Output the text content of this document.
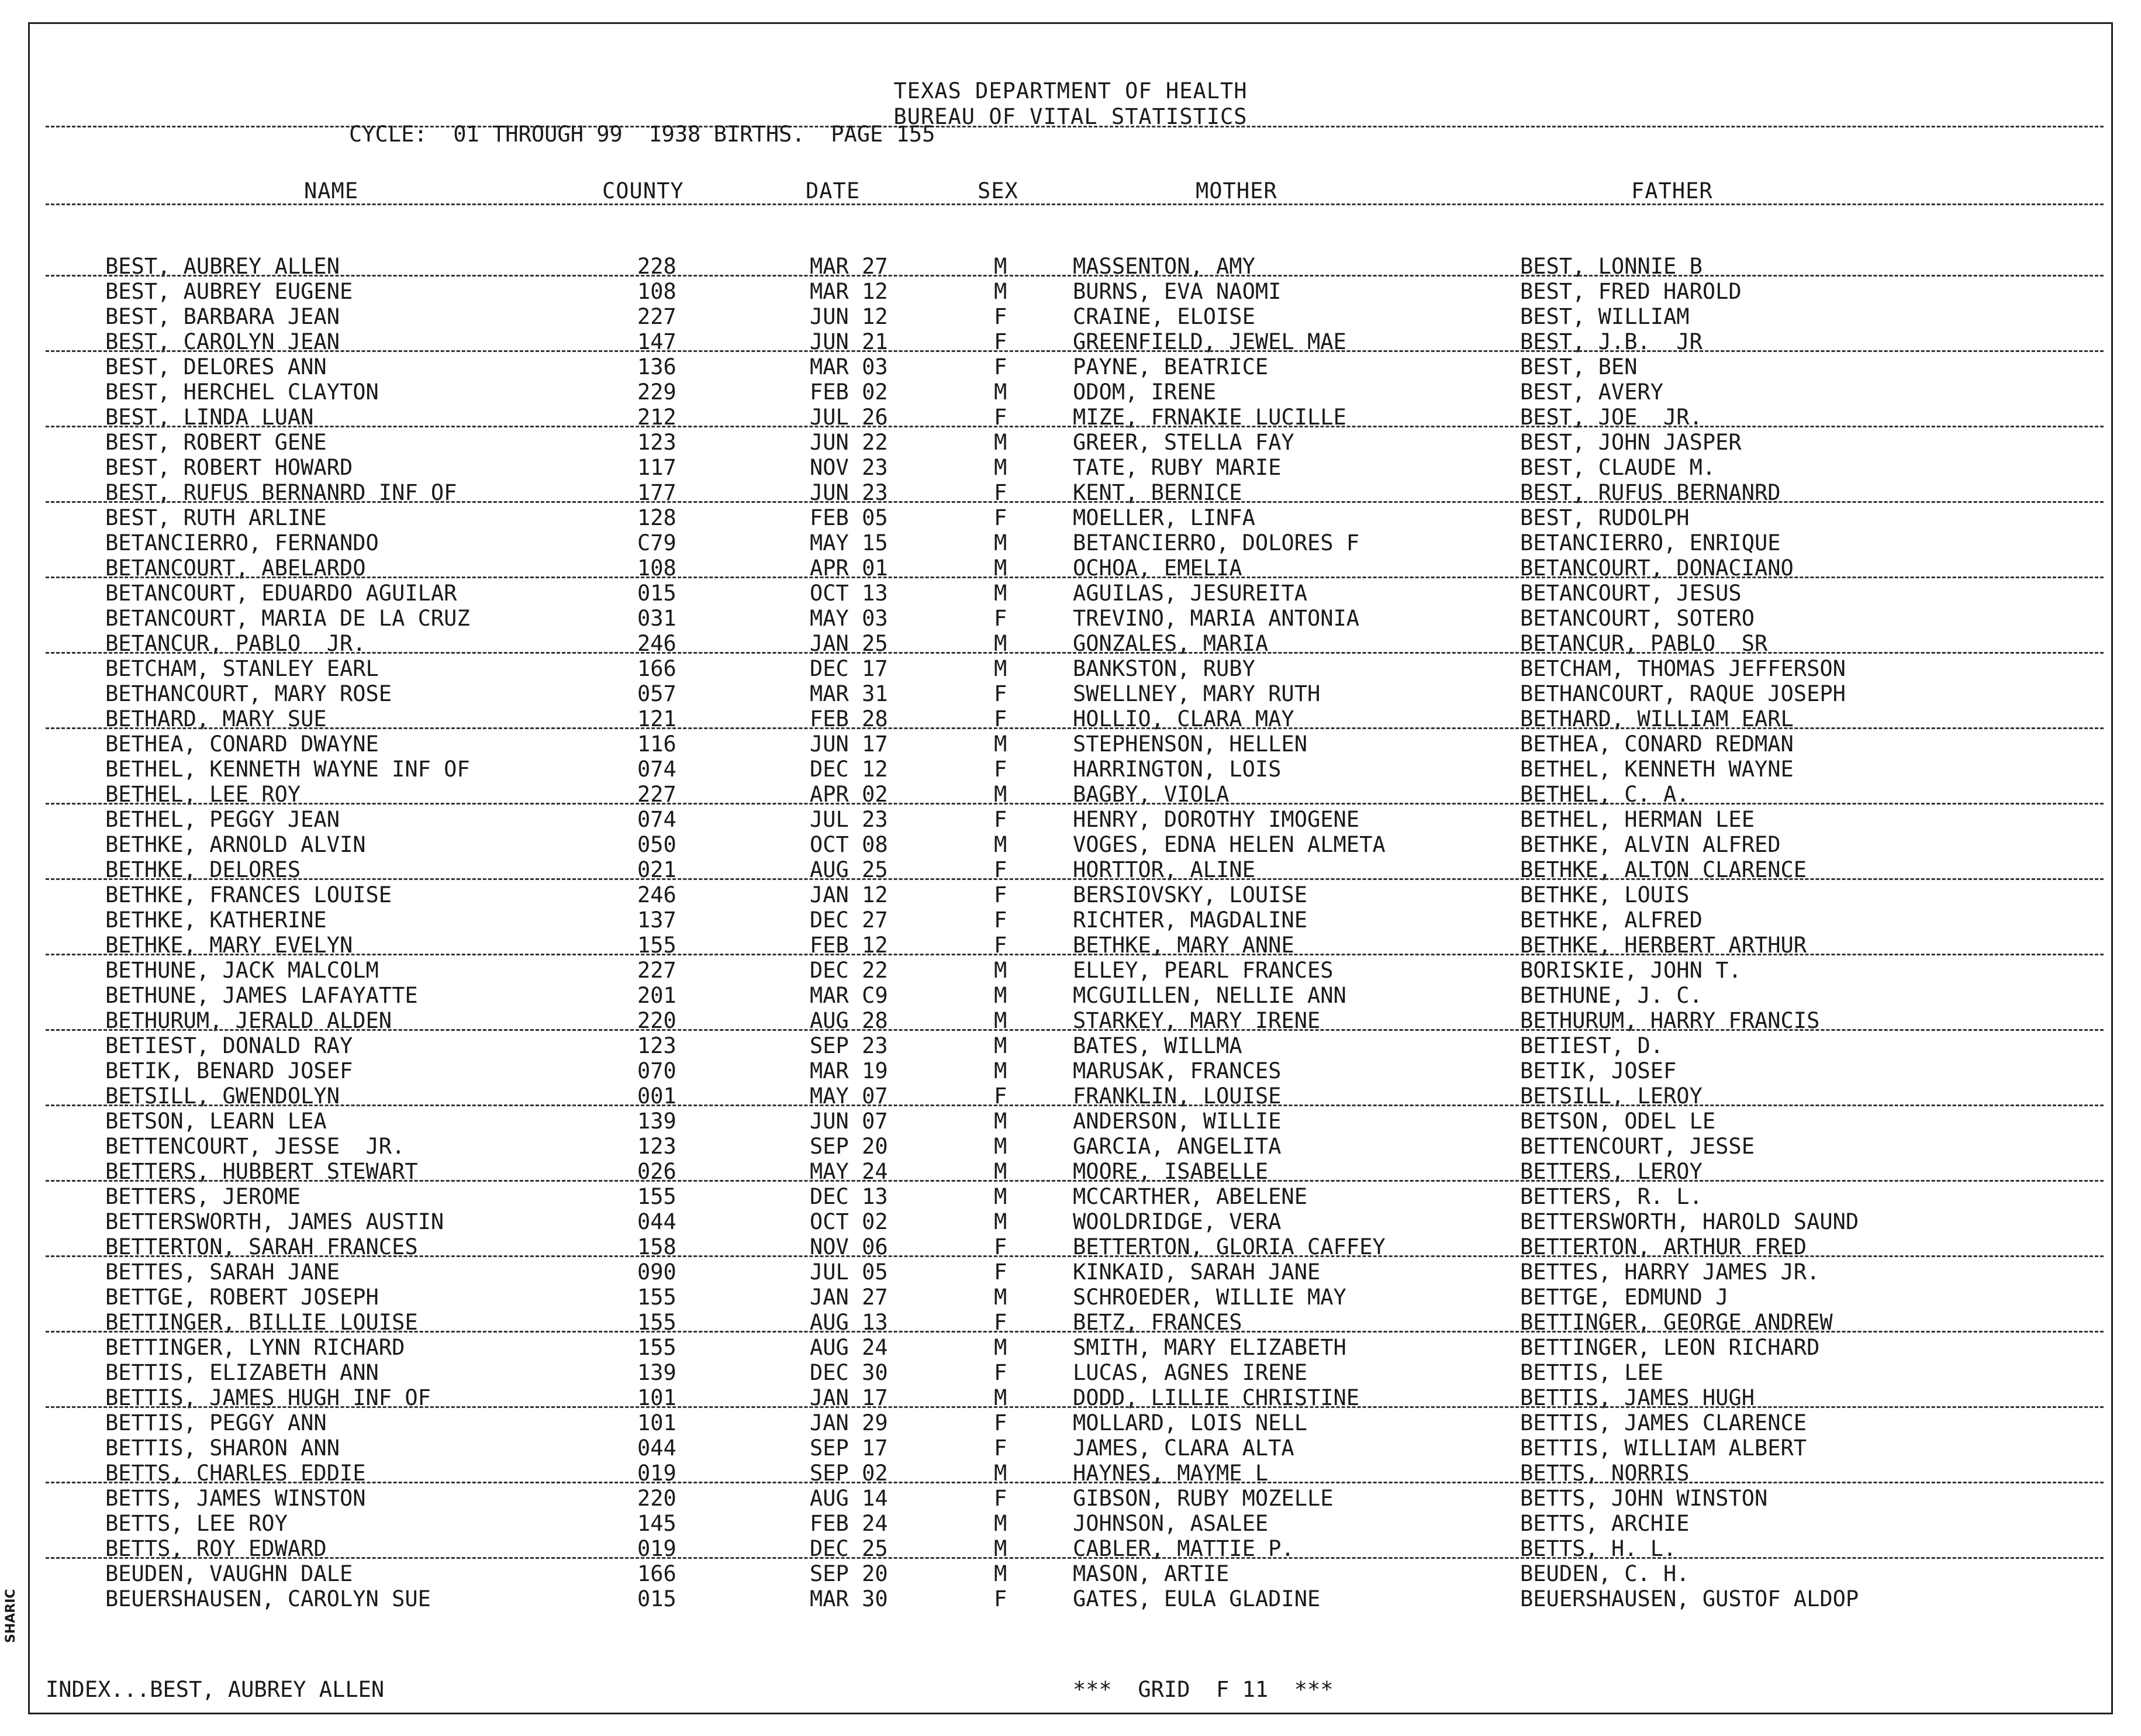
TEXAS DEPARTMENT OF HEALTH
BUREAU OF VITAL STATISTICS
CYCLE:  01 THROUGH 99  1938 BIRTHS.  PAGE 155
NAME	COUNTY	DATE	SEX	MOTHER	FATHER
BEST, AUBREY ALLEN	228	MAR 27	M	MASSENTON, AMY	BEST, LONNIE B
BEST, AUBREY EUGENE	108	MAR 12	M	BURNS, EVA NAOMI	BEST, FRED HAROLD
BEST, BARBARA JEAN	227	JUN 12	F	CRAINE, ELOISE	BEST, WILLIAM
BEST, CAROLYN JEAN	147	JUN 21	F	GREENFIELD, JEWEL MAE	BEST, J.B.  JR
BEST, DELORES ANN	136	MAR 03	F	PAYNE, BEATRICE	BEST, BEN
BEST, HERCHEL CLAYTON	229	FEB 02	M	ODOM, IRENE	BEST, AVERY
BEST, LINDA LUAN	212	JUL 26	F	MIZE, FRNAKIE LUCILLE	BEST, JOE  JR.
BEST, ROBERT GENE	123	JUN 22	M	GREER, STELLA FAY	BEST, JOHN JASPER
BEST, ROBERT HOWARD	117	NOV 23	M	TATE, RUBY MARIE	BEST, CLAUDE M.
BEST, RUFUS BERNANRD INF OF	177	JUN 23	F	KENT, BERNICE	BEST, RUFUS BERNANRD
BEST, RUTH ARLINE	128	FEB 05	F	MOELLER, LINFA	BEST, RUDOLPH
BETANCIERRO, FERNANDO	C79	MAY 15	M	BETANCIERRO, DOLORES F	BETANCIERRO, ENRIQUE
BETANCOURT, ABELARDO	108	APR 01	M	OCHOA, EMELIA	BETANCOURT, DONACIANO
BETANCOURT, EDUARDO AGUILAR	015	OCT 13	M	AGUILAS, JESUREITA	BETANCOURT, JESUS
BETANCOURT, MARIA DE LA CRUZ	031	MAY 03	F	TREVINO, MARIA ANTONIA	BETANCOURT, SOTERO
BETANCUR, PABLO  JR.	246	JAN 25	M	GONZALES, MARIA	BETANCUR, PABLO  SR
BETCHAM, STANLEY EARL	166	DEC 17	M	BANKSTON, RUBY	BETCHAM, THOMAS JEFFERSON
BETHANCOURT, MARY ROSE	057	MAR 31	F	SWELLNEY, MARY RUTH	BETHANCOURT, RAQUE JOSEPH
BETHARD, MARY SUE	121	FEB 28	F	HOLLIO, CLARA MAY	BETHARD, WILLIAM EARL
BETHEA, CONARD DWAYNE	116	JUN 17	M	STEPHENSON, HELLEN	BETHEA, CONARD REDMAN
BETHEL, KENNETH WAYNE INF OF	074	DEC 12	F	HARRINGTON, LOIS	BETHEL, KENNETH WAYNE
BETHEL, LEE ROY	227	APR 02	M	BAGBY, VIOLA	BETHEL, C. A.
BETHEL, PEGGY JEAN	074	JUL 23	F	HENRY, DOROTHY IMOGENE	BETHEL, HERMAN LEE
BETHKE, ARNOLD ALVIN	050	OCT 08	M	VOGES, EDNA HELEN ALMETA	BETHKE, ALVIN ALFRED
BETHKE, DELORES	021	AUG 25	F	HORTTOR, ALINE	BETHKE, ALTON CLARENCE
BETHKE, FRANCES LOUISE	246	JAN 12	F	BERSIOVSKY, LOUISE	BETHKE, LOUIS
BETHKE, KATHERINE	137	DEC 27	F	RICHTER, MAGDALINE	BETHKE, ALFRED
BETHKE, MARY EVELYN	155	FEB 12	F	BETHKE, MARY ANNE	BETHKE, HERBERT ARTHUR
BETHUNE, JACK MALCOLM	227	DEC 22	M	ELLEY, PEARL FRANCES	BORISKIE, JOHN T.
BETHUNE, JAMES LAFAYATTE	201	MAR C9	M	MCGUILLEN, NELLIE ANN	BETHUNE, J. C.
BETHURUM, JERALD ALDEN	220	AUG 28	M	STARKEY, MARY IRENE	BETHURUM, HARRY FRANCIS
BETIEST, DONALD RAY	123	SEP 23	M	BATES, WILLMA	BETIEST, D.
BETIK, BENARD JOSEF	070	MAR 19	M	MARUSAK, FRANCES	BETIK, JOSEF
BETSILL, GWENDOLYN	001	MAY 07	F	FRANKLIN, LOUISE	BETSILL, LEROY
BETSON, LEARN LEA	139	JUN 07	M	ANDERSON, WILLIE	BETSON, ODEL LE
BETTENCOURT, JESSE  JR.	123	SEP 20	M	GARCIA, ANGELITA	BETTENCOURT, JESSE
BETTERS, HUBBERT STEWART	026	MAY 24	M	MOORE, ISABELLE	BETTERS, LEROY
BETTERS, JEROME	155	DEC 13	M	MCCARTHER, ABELENE	BETTERS, R. L.
BETTERSWORTH, JAMES AUSTIN	044	OCT 02	M	WOOLDRIDGE, VERA	BETTERSWORTH, HAROLD SAUND
BETTERTON, SARAH FRANCES	158	NOV 06	F	BETTERTON, GLORIA CAFFEY	BETTERTON, ARTHUR FRED
BETTES, SARAH JANE	090	JUL 05	F	KINKAID, SARAH JANE	BETTES, HARRY JAMES JR.
BETTGE, ROBERT JOSEPH	155	JAN 27	M	SCHROEDER, WILLIE MAY	BETTGE, EDMUND J
BETTINGER, BILLIE LOUISE	155	AUG 13	F	BETZ, FRANCES	BETTINGER, GEORGE ANDREW
BETTINGER, LYNN RICHARD	155	AUG 24	M	SMITH, MARY ELIZABETH	BETTINGER, LEON RICHARD
BETTIS, ELIZABETH ANN	139	DEC 30	F	LUCAS, AGNES IRENE	BETTIS, LEE
BETTIS, JAMES HUGH INF OF	101	JAN 17	M	DODD, LILLIE CHRISTINE	BETTIS, JAMES HUGH
BETTIS, PEGGY ANN	101	JAN 29	F	MOLLARD, LOIS NELL	BETTIS, JAMES CLARENCE
BETTIS, SHARON ANN	044	SEP 17	F	JAMES, CLARA ALTA	BETTIS, WILLIAM ALBERT
BETTS, CHARLES EDDIE	019	SEP 02	M	HAYNES, MAYME L	BETTS, NORRIS
BETTS, JAMES WINSTON	220	AUG 14	F	GIBSON, RUBY MOZELLE	BETTS, JOHN WINSTON
BETTS, LEE ROY	145	FEB 24	M	JOHNSON, ASALEE	BETTS, ARCHIE
BETTS, ROY EDWARD	019	DEC 25	M	CABLER, MATTIE P.	BETTS, H. L.
BEUDEN, VAUGHN DALE	166	SEP 20	M	MASON, ARTIE	BEUDEN, C. H.
BEUERSHAUSEN, CAROLYN SUE	015	MAR 30	F	GATES, EULA GLADINE	BEUERSHAUSEN, GUSTOF ALDOP
INDEX...BEST, AUBREY ALLEN	***  GRID  F 11  ***
SHARIC
